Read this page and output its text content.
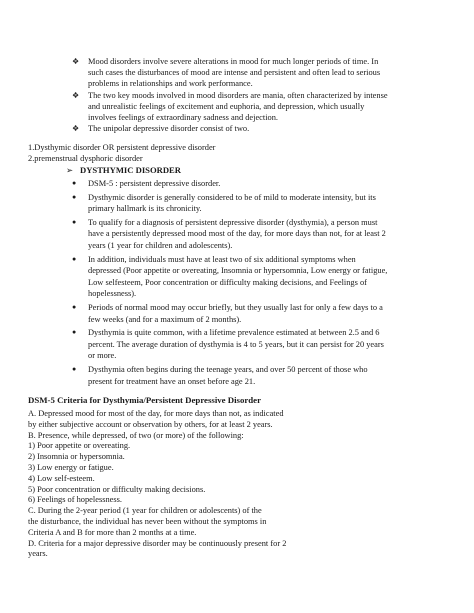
❖ Mood disorders involve severe alterations in mood for much longer periods of time. In
such cases the disturbances of mood are intense and persistent and often lead to serious
problems in relationships and work performance.
❖ The two key moods involved in mood disorders are mania, often characterized by intense
and unrealistic feelings of excitement and euphoria, and depression, which usually
involves feelings of extraordinary sadness and dejection.
❖ The unipolar depressive disorder consist of two.
1.Dysthymic disorder OR persistent depressive disorder
2.premenstrual dysphoric disorder
➢ DYSTHYMIC DISORDER
● DSM-5 : persistent depressive disorder.
● Dysthymic disorder is generally considered to be of mild to moderate intensity, but its
primary hallmark is its chronicity.
● To qualify for a diagnosis of persistent depressive disorder (dysthymia), a person must
have a persistently depressed mood most of the day, for more days than not, for at least 2
years (1 year for children and adolescents).
● In addition, individuals must have at least two of six additional symptoms when
depressed (Poor appetite or overeating, Insomnia or hypersomnia, Low energy or fatigue,
Low selfesteem, Poor concentration or difficulty making decisions, and Feelings of
hopelessness).
● Periods of normal mood may occur briefly, but they usually last for only a few days to a
few weeks (and for a maximum of 2 months).
● Dysthymia is quite common, with a lifetime prevalence estimated at between 2.5 and 6
percent. The average duration of dysthymia is 4 to 5 years, but it can persist for 20 years
or more.
● Dysthymia often begins during the teenage years, and over 50 percent of those who
present for treatment have an onset before age 21.
DSM-5 Criteria for Dysthymia/Persistent Depressive Disorder
A. Depressed mood for most of the day, for more days than not, as indicated
by either subjective account or observation by others, for at least 2 years.
B. Presence, while depressed, of two (or more) of the following:
1) Poor appetite or overeating.
2) Insomnia or hypersomnia.
3) Low energy or fatigue.
4) Low self-esteem.
5) Poor concentration or difficulty making decisions.
6) Feelings of hopelessness.
C. During the 2-year period (1 year for children or adolescents) of the
the disturbance, the individual has never been without the symptoms in
Criteria A and B for more than 2 months at a time.
D. Criteria for a major depressive disorder may be continuously present for 2
years.
